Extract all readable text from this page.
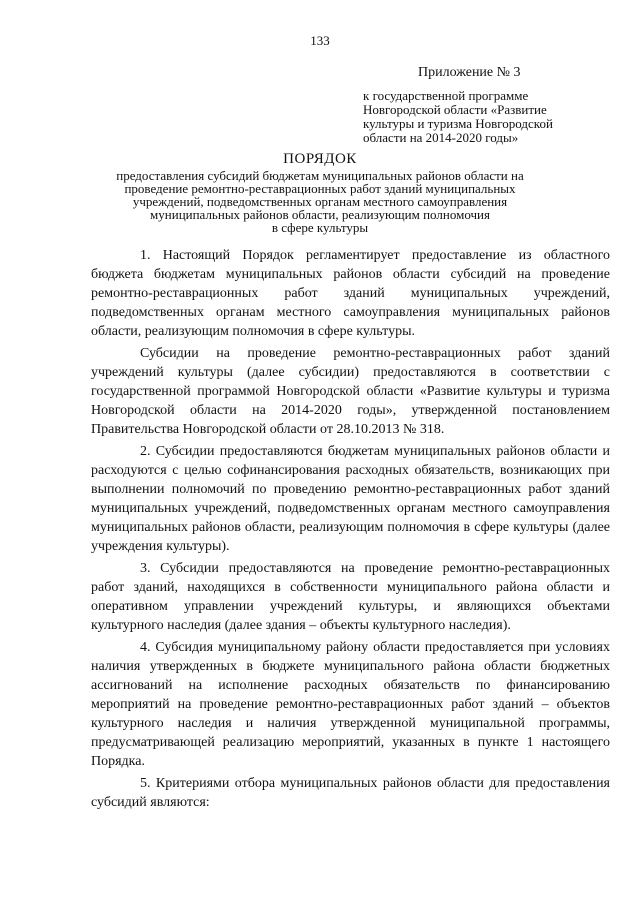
133
Приложение № 3
к государственной программе
Новгородской области «Развитие
культуры и туризма Новгородской
области на 2014-2020 годы»
ПОРЯДОК
предоставления субсидий бюджетам муниципальных районов области на
проведение ремонтно-реставрационных работ зданий муниципальных
учреждений, подведомственных органам местного самоуправления
муниципальных районов области, реализующим полномочия
в сфере культуры

1. Настоящий Порядок регламентирует предоставление из областного бюджета бюджетам муниципальных районов области субсидий на проведение ремонтно-реставрационных работ зданий муниципальных учреждений, подведомственных органам местного самоуправления муниципальных районов области, реализующим полномочия в сфере культуры.

Субсидии на проведение ремонтно-реставрационных работ зданий учреждений культуры (далее субсидии) предоставляются в соответствии с государственной программой Новгородской области «Развитие культуры и туризма Новгородской области на 2014-2020 годы», утвержденной постановлением Правительства Новгородской области от 28.10.2013 № 318.

2. Субсидии предоставляются бюджетам муниципальных районов области и расходуются с целью софинансирования расходных обязательств, возникающих при выполнении полномочий по проведению ремонтно-реставрационных работ зданий муниципальных учреждений, подведомственных органам местного самоуправления муниципальных районов области, реализующим полномочия в сфере культуры (далее учреждения культуры).

3. Субсидии предоставляются на проведение ремонтно-реставрационных работ зданий, находящихся в собственности муниципального района области и оперативном управлении учреждений культуры, и являющихся объектами культурного наследия (далее здания – объекты культурного наследия).

4. Субсидия муниципальному району области предоставляется при условиях наличия утвержденных в бюджете муниципального района области бюджетных ассигнований на исполнение расходных обязательств по финансированию мероприятий на проведение ремонтно-реставрационных работ зданий – объектов культурного наследия и наличия утвержденной муниципальной программы, предусматривающей реализацию мероприятий, указанных в пункте 1 настоящего Порядка.

5. Критериями отбора муниципальных районов области для предоставления субсидий являются:
